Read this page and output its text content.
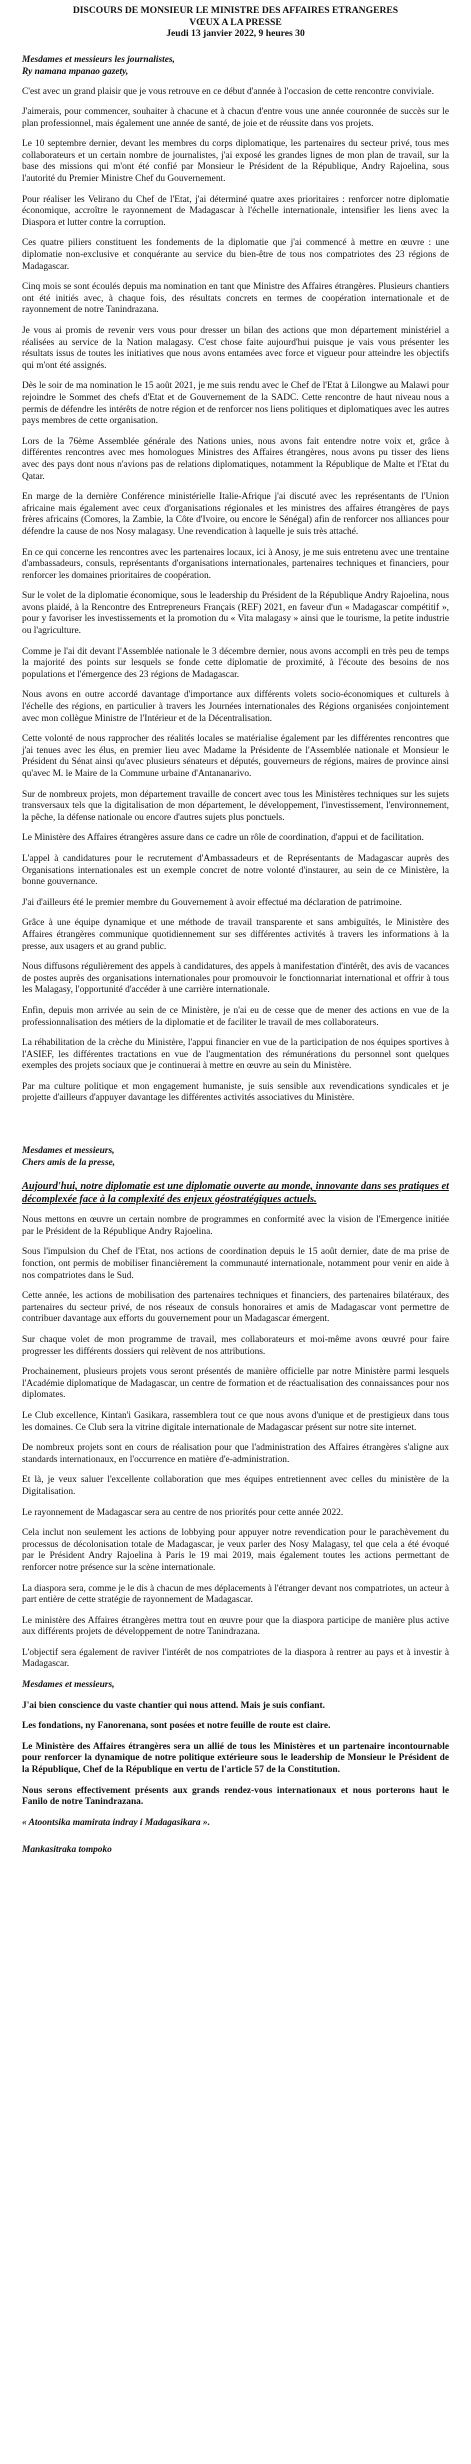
DISCOURS DE MONSIEUR LE MINISTRE DES AFFAIRES ETRANGERES
VŒUX A LA PRESSE
Jeudi 13 janvier 2022, 9 heures 30
Mesdames et messieurs les journalistes,
Ry namana mpanao gazety,

C'est avec un grand plaisir que je vous retrouve en ce début d'année à l'occasion de cette rencontre conviviale.

J'aimerais, pour commencer, souhaiter à chacune et à chacun d'entre vous une année couronnée de succès sur le plan professionnel, mais également une année de santé, de joie et de réussite dans vos projets.

Le 10 septembre dernier, devant les membres du corps diplomatique, les partenaires du secteur privé, tous mes collaborateurs et un certain nombre de journalistes, j'ai exposé les grandes lignes de mon plan de travail, sur la base des missions qui m'ont été confié par Monsieur le Président de la République, Andry Rajoelina, sous l'autorité du Premier Ministre Chef du Gouvernement.

Pour réaliser les Velirano du Chef de l'Etat, j'ai déterminé quatre axes prioritaires : renforcer notre diplomatie économique, accroître le rayonnement de Madagascar à l'échelle internationale, intensifier les liens avec la Diaspora et lutter contre la corruption.

Ces quatre piliers constituent les fondements de la diplomatie que j'ai commencé à mettre en œuvre : une diplomatie non-exclusive et conquérante au service du bien-être de tous nos compatriotes des 23 régions de Madagascar.

Cinq mois se sont écoulés depuis ma nomination en tant que Ministre des Affaires étrangères. Plusieurs chantiers ont été initiés avec, à chaque fois, des résultats concrets en termes de coopération internationale et de rayonnement de notre Tanindrazana.

Je vous ai promis de revenir vers vous pour dresser un bilan des actions que mon département ministériel a réalisées au service de la Nation malagasy. C'est chose faite aujourd'hui puisque je vais vous présenter les résultats issus de toutes les initiatives que nous avons entamées avec force et vigueur pour atteindre les objectifs qui m'ont été assignés.

Dès le soir de ma nomination le 15 août 2021, je me suis rendu avec le Chef de l'Etat à Lilongwe au Malawi pour rejoindre le Sommet des chefs d'Etat et de Gouvernement de la SADC. Cette rencontre de haut niveau nous a permis de défendre les intérêts de notre région et de renforcer nos liens politiques et diplomatiques avec les autres pays membres de cette organisation.

Lors de la 76ème Assemblée générale des Nations unies, nous avons fait entendre notre voix et, grâce à différentes rencontres avec mes homologues Ministres des Affaires étrangères, nous avons pu tisser des liens avec des pays dont nous n'avions pas de relations diplomatiques, notamment la République de Malte et l'Etat du Qatar.

En marge de la dernière Conférence ministérielle Italie-Afrique j'ai discuté avec les représentants de l'Union africaine mais également avec ceux d'organisations régionales et les ministres des affaires étrangères de pays frères africains (Comores, la Zambie, la Côte d'Ivoire, ou encore le Sénégal) afin de renforcer nos alliances pour défendre la cause de nos Nosy malagasy. Une revendication à laquelle je suis très attaché.

En ce qui concerne les rencontres avec les partenaires locaux, ici à Anosy, je me suis entretenu avec une trentaine d'ambassadeurs, consuls, représentants d'organisations internationales, partenaires techniques et financiers, pour renforcer les domaines prioritaires de coopération.

Sur le volet de la diplomatie économique, sous le leadership du Président de la République Andry Rajoelina, nous avons plaidé, à la Rencontre des Entrepreneurs Français (REF) 2021, en faveur d'un « Madagascar compétitif », pour y favoriser les investissements et la promotion du « Vita malagasy » ainsi que le tourisme, la petite industrie ou l'agriculture.

Comme je l'ai dit devant l'Assemblée nationale le 3 décembre dernier, nous avons accompli en très peu de temps la majorité des points sur lesquels se fonde cette diplomatie de proximité, à l'écoute des besoins de nos populations et l'émergence des 23 régions de Madagascar.

Nous avons en outre accordé davantage d'importance aux différents volets socio-économiques et culturels à l'échelle des régions, en particulier à travers les Journées internationales des Régions organisées conjointement avec mon collègue Ministre de l'Intérieur et de la Décentralisation.

Cette volonté de nous rapprocher des réalités locales se matérialise également par les différentes rencontres que j'ai tenues avec les élus, en premier lieu avec Madame la Présidente de l'Assemblée nationale et Monsieur le Président du Sénat ainsi qu'avec plusieurs sénateurs et députés, gouverneurs de régions, maires de province ainsi qu'avec M. le Maire de la Commune urbaine d'Antananarivo.

Sur de nombreux projets, mon département travaille de concert avec tous les Ministères techniques sur les sujets transversaux tels que la digitalisation de mon département, le développement, l'investissement, l'environnement, la pêche, la défense nationale ou encore d'autres sujets plus ponctuels.

Le Ministère des Affaires étrangères assure dans ce cadre un rôle de coordination, d'appui et de facilitation.

L'appel à candidatures pour le recrutement d'Ambassadeurs et de Représentants de Madagascar auprès des Organisations internationales est un exemple concret de notre volonté d'instaurer, au sein de ce Ministère, la bonne gouvernance.

J'ai d'ailleurs été le premier membre du Gouvernement à avoir effectué ma déclaration de patrimoine.

Grâce à une équipe dynamique et une méthode de travail transparente et sans ambiguïtés, le Ministère des Affaires étrangères communique quotidiennement sur ses différentes activités à travers les informations à la presse, aux usagers et au grand public.

Nous diffusons régulièrement des appels à candidatures, des appels à manifestation d'intérêt, des avis de vacances de postes auprès des organisations internationales pour promouvoir le fonctionnariat international et offrir à tous les Malagasy, l'opportunité d'accéder à une carrière internationale.

Enfin, depuis mon arrivée au sein de ce Ministère, je n'ai eu de cesse que de mener des actions en vue de la professionnalisation des métiers de la diplomatie et de faciliter le travail de mes collaborateurs.

La réhabilitation de la crèche du Ministère, l'appui financier en vue de la participation de nos équipes sportives à l'ASIEF, les différentes tractations en vue de l'augmentation des rémunérations du personnel sont quelques exemples des projets sociaux que je continuerai à mettre en œuvre au sein du Ministère.

Par ma culture politique et mon engagement humaniste, je suis sensible aux revendications syndicales et je projette d'ailleurs d'appuyer davantage les différentes activités associatives du Ministère.

Mesdames et messieurs,
Chers amis de la presse,

Aujourd'hui, notre diplomatie est une diplomatie ouverte au monde, innovante dans ses pratiques et décomplexée face à la complexité des enjeux géostratégiques actuels.

Nous mettons en œuvre un certain nombre de programmes en conformité avec la vision de l'Emergence initiée par le Président de la République Andry Rajoelina.

Sous l'impulsion du Chef de l'Etat, nos actions de coordination depuis le 15 août dernier, date de ma prise de fonction, ont permis de mobiliser financièrement la communauté internationale, notamment pour venir en aide à nos compatriotes dans le Sud.

Cette année, les actions de mobilisation des partenaires techniques et financiers, des partenaires bilatéraux, des partenaires du secteur privé, de nos réseaux de consuls honoraires et amis de Madagascar vont permettre de contribuer davantage aux efforts du gouvernement pour un Madagascar émergent.

Sur chaque volet de mon programme de travail, mes collaborateurs et moi-même avons œuvré pour faire progresser les différents dossiers qui relèvent de nos attributions.

Prochainement, plusieurs projets vous seront présentés de manière officielle par notre Ministère parmi lesquels l'Académie diplomatique de Madagascar, un centre de formation et de réactualisation des connaissances pour nos diplomates.

Le Club excellence, Kintan'i Gasikara, rassemblera tout ce que nous avons d'unique et de prestigieux dans tous les domaines. Ce Club sera la vitrine digitale internationale de Madagascar présent sur notre site internet.

De nombreux projets sont en cours de réalisation pour que l'administration des Affaires étrangères s'aligne aux standards internationaux, en l'occurrence en matière d'e-administration.

Et là, je veux saluer l'excellente collaboration que mes équipes entretiennent avec celles du ministère de la Digitalisation.

Le rayonnement de Madagascar sera au centre de nos priorités pour cette année 2022.

Cela inclut non seulement les actions de lobbying pour appuyer notre revendication pour le parachèvement du processus de décolonisation totale de Madagascar, je veux parler des Nosy Malagasy, tel que cela a été évoqué par le Président Andry Rajoelina à Paris le 19 mai 2019, mais également toutes les actions permettant de renforcer notre présence sur la scène internationale.

La diaspora sera, comme je le dis à chacun de mes déplacements à l'étranger devant nos compatriotes, un acteur à part entière de cette stratégie de rayonnement de Madagascar.

Le ministère des Affaires étrangères mettra tout en œuvre pour que la diaspora participe de manière plus active aux différents projets de développement de notre Tanindrazana.

L'objectif sera également de raviver l'intérêt de nos compatriotes de la diaspora à rentrer au pays et à investir à Madagascar.

Mesdames et messieurs,

J'ai bien conscience du vaste chantier qui nous attend. Mais je suis confiant.

Les fondations, ny Fanorenana, sont posées et notre feuille de route est claire.

Le Ministère des Affaires étrangères sera un allié de tous les Ministères et un partenaire incontournable pour renforcer la dynamique de notre politique extérieure sous le leadership de Monsieur le Président de la République, Chef de la République en vertu de l'article 57 de la Constitution.

Nous serons effectivement présents aux grands rendez-vous internationaux et nous porterons haut le Fanilo de notre Tanindrazana.

« Atoontsika mamirata indray i Madagasikara ».

Mankasitraka tompoko
